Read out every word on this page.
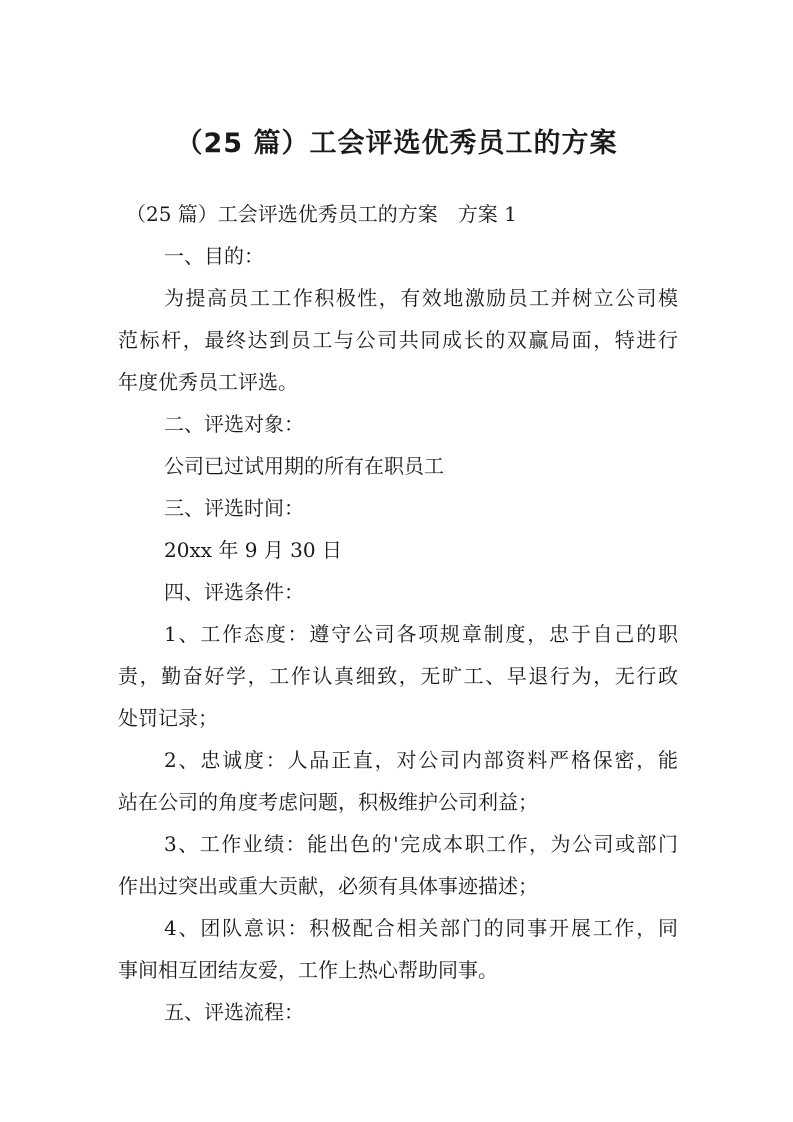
（25 篇）工会评选优秀员工的方案
（25 篇）工会评选优秀员工的方案　方案 1
一、目的：
为提高员工工作积极性，有效地激励员工并树立公司模
范标杆，最终达到员工与公司共同成长的双赢局面，特进行
年度优秀员工评选。
二、评选对象：
公司已过试用期的所有在职员工
三、评选时间：
20xx 年 9 月 30 日
四、评选条件：
1、工作态度：遵守公司各项规章制度，忠于自己的职
责，勤奋好学，工作认真细致，无旷工、早退行为，无行政
处罚记录；
2、忠诚度：人品正直，对公司内部资料严格保密，能
站在公司的角度考虑问题，积极维护公司利益；
3、工作业绩：能出色的'完成本职工作，为公司或部门
作出过突出或重大贡献，必须有具体事迹描述；
4、团队意识：积极配合相关部门的同事开展工作，同
事间相互团结友爱，工作上热心帮助同事。
五、评选流程：
